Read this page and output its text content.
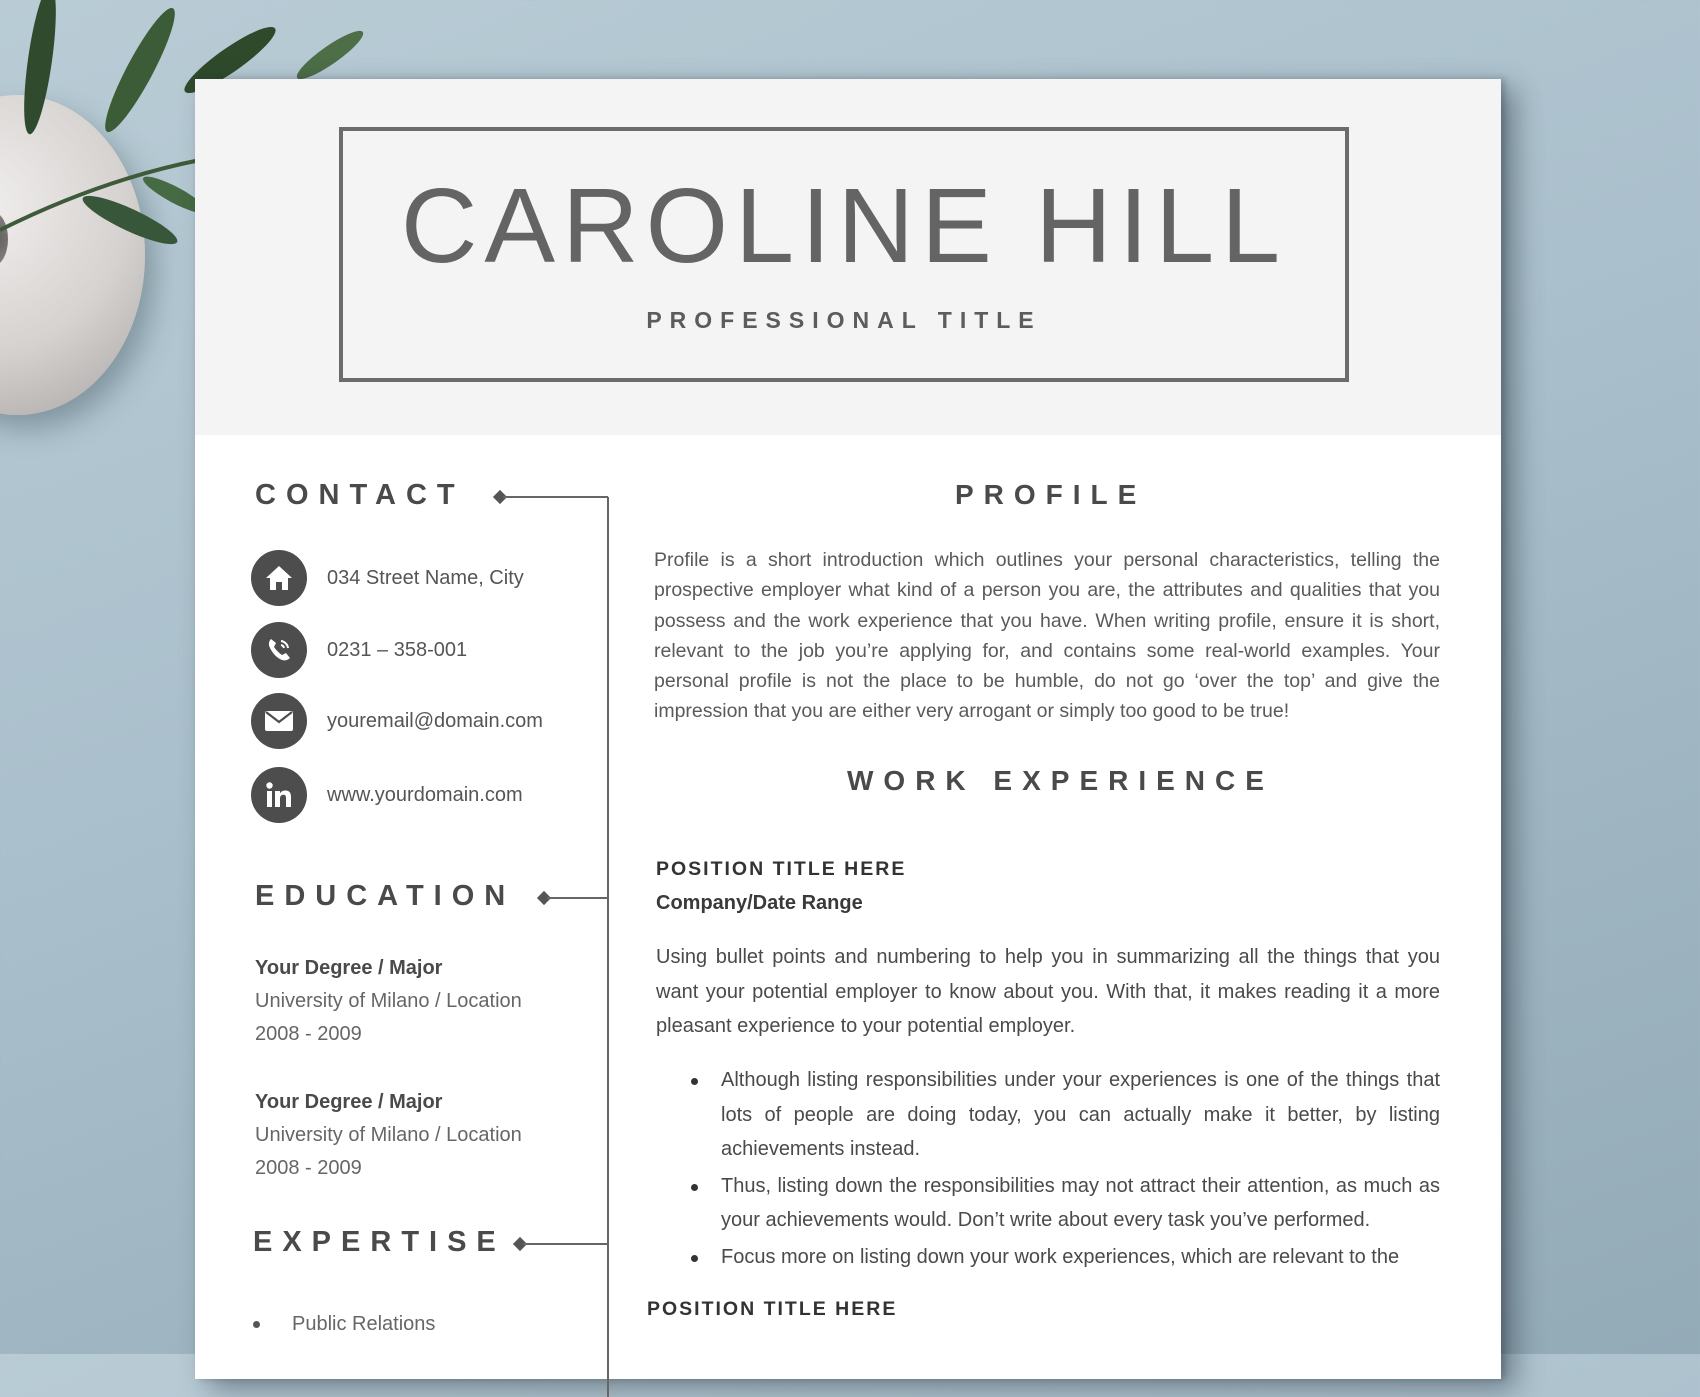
CAROLINE HILL
PROFESSIONAL TITLE
CONTACT
034 Street Name, City
0231 – 358-001
youremail@domain.com
www.yourdomain.com
EDUCATION
Your Degree / Major
University of Milano / Location
2008 - 2009
Your Degree / Major
University of Milano / Location
2008 - 2009
EXPERTISE
Public Relations
PROFILE
Profile is a short introduction which outlines your personal characteristics, telling the prospective employer what kind of a person you are, the attributes and qualities that you possess and the work experience that you have. When writing profile, ensure it is short, relevant to the job you’re applying for, and contains some real-world examples. Your personal profile is not the place to be humble, do not go ‘over the top’ and give the impression that you are either very arrogant or simply too good to be true!
WORK EXPERIENCE
POSITION TITLE HERE
Company/Date Range
Using bullet points and numbering to help you in summarizing all the things that you want your potential employer to know about you. With that, it makes reading it a more pleasant experience to your potential employer.
Although listing responsibilities under your experiences is one of the things that lots of people are doing today, you can actually make it better, by listing achievements instead.
Thus, listing down the responsibilities may not attract their attention, as much as your achievements would. Don’t write about every task you’ve performed.
Focus more on listing down your work experiences, which are relevant to the
POSITION TITLE HERE
